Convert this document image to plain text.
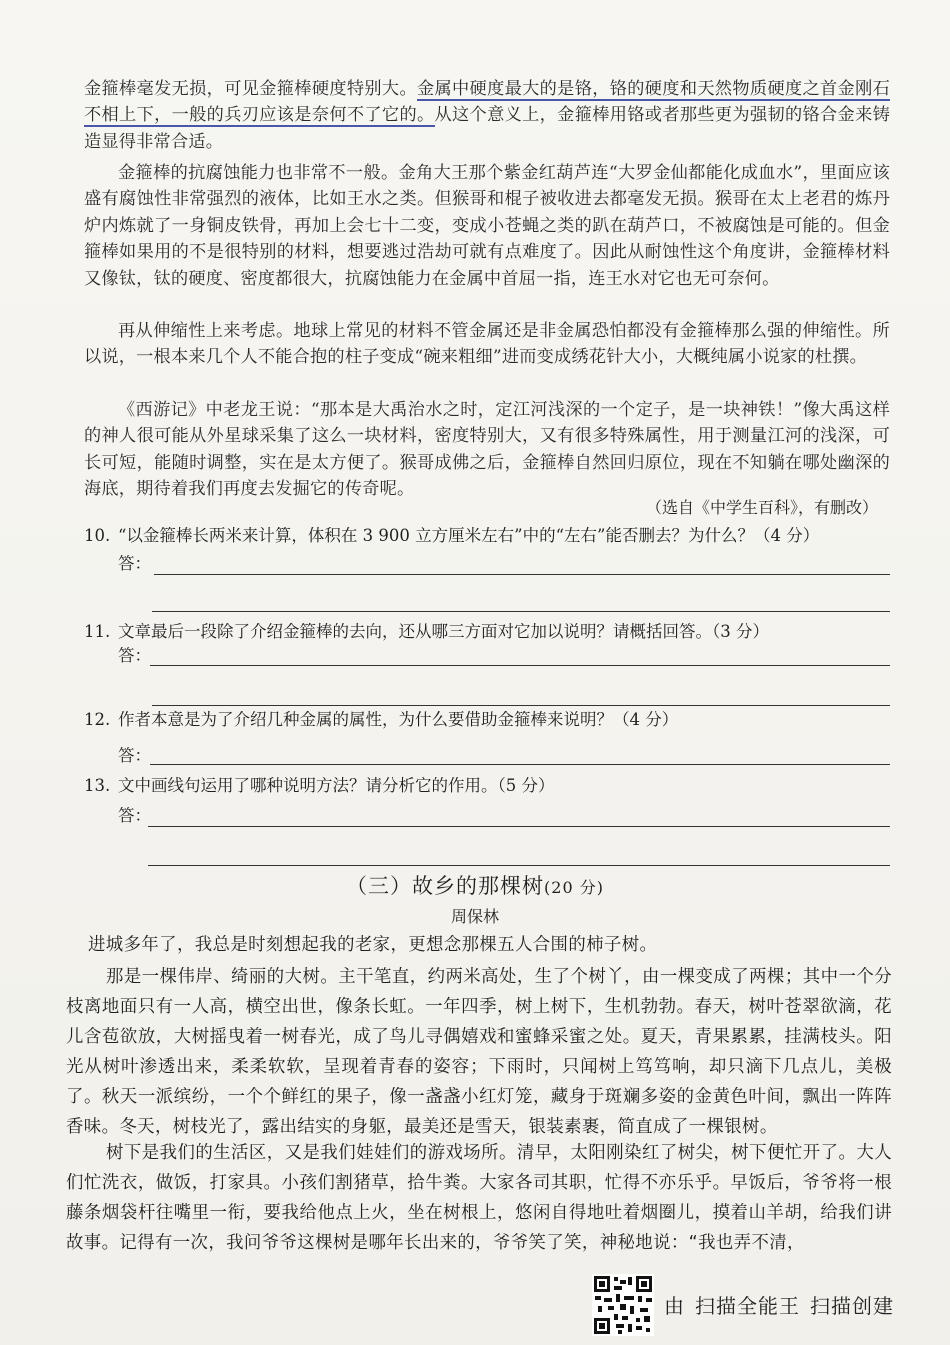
金箍棒毫发无损，可见金箍棒硬度特别大。金属中硬度最大的是铬，铬的硬度和天然物质硬度之首金刚石不相上下，一般的兵刃应该是奈何不了它的。从这个意义上，金箍棒用铬或者那些更为强韧的铬合金来铸造显得非常合适。
金箍棒的抗腐蚀能力也非常不一般。金角大王那个紫金红葫芦连“大罗金仙都能化成血水”，里面应该盛有腐蚀性非常强烈的液体，比如王水之类。但猴哥和棍子被收进去都毫发无损。猴哥在太上老君的炼丹炉内炼就了一身铜皮铁骨，再加上会七十二变，变成小苍蝇之类的趴在葫芦口，不被腐蚀是可能的。但金箍棒如果用的不是很特别的材料，想要逃过浩劫可就有点难度了。因此从耐蚀性这个角度讲，金箍棒材料又像钛，钛的硬度、密度都很大，抗腐蚀能力在金属中首屈一指，连王水对它也无可奈何。
再从伸缩性上来考虑。地球上常见的材料不管金属还是非金属恐怕都没有金箍棒那么强的伸缩性。所以说，一根本来几个人不能合抱的柱子变成“碗来粗细”进而变成绣花针大小，大概纯属小说家的杜撰。
《西游记》中老龙王说：“那本是大禹治水之时，定江河浅深的一个定子，是一块神铁！”像大禹这样的神人很可能从外星球采集了这么一块材料，密度特别大，又有很多特殊属性，用于测量江河的浅深，可长可短，能随时调整，实在是太方便了。猴哥成佛之后，金箍棒自然回归原位，现在不知躺在哪处幽深的海底，期待着我们再度去发掘它的传奇呢。
（选自《中学生百科》，有删改）
10. “以金箍棒长两米来计算，体积在 3 900 立方厘米左右”中的“左右”能否删去？为什么？（4 分）
答：
11. 文章最后一段除了介绍金箍棒的去向，还从哪三方面对它加以说明？请概括回答。（3 分）
答：
12. 作者本意是为了介绍几种金属的属性，为什么要借助金箍棒来说明？（4 分）
答：
13. 文中画线句运用了哪种说明方法？请分析它的作用。（5 分）
答：
（三）故乡的那棵树(20 分)
周保林
进城多年了，我总是时刻想起我的老家，更想念那棵五人合围的柿子树。
那是一棵伟岸、绮丽的大树。主干笔直，约两米高处，生了个树丫，由一棵变成了两棵；其中一个分枝离地面只有一人高，横空出世，像条长虹。一年四季，树上树下，生机勃勃。春天，树叶苍翠欲滴，花儿含苞欲放，大树摇曳着一树春光，成了鸟儿寻偶嬉戏和蜜蜂采蜜之处。夏天，青果累累，挂满枝头。阳光从树叶渗透出来，柔柔软软，呈现着青春的姿容；下雨时，只闻树上笃笃响，却只滴下几点儿，美极了。秋天一派缤纷，一个个鲜红的果子，像一盏盏小红灯笼，藏身于斑斓多姿的金黄色叶间，飘出一阵阵香味。冬天，树枝光了，露出结实的身躯，最美还是雪天，银装素裹，简直成了一棵银树。
树下是我们的生活区，又是我们娃娃们的游戏场所。清早，太阳刚染红了树尖，树下便忙开了。大人们忙洗衣，做饭，打家具。小孩们割猪草，拾牛粪。大家各司其职，忙得不亦乐乎。早饭后，爷爷将一根藤条烟袋杆往嘴里一衔，要我给他点上火，坐在树根上，悠闲自得地吐着烟圈儿，摸着山羊胡，给我们讲故事。记得有一次，我问爷爷这棵树是哪年长出来的，爷爷笑了笑，神秘地说：“我也弄不清，
由 扫描全能王 扫描创建
